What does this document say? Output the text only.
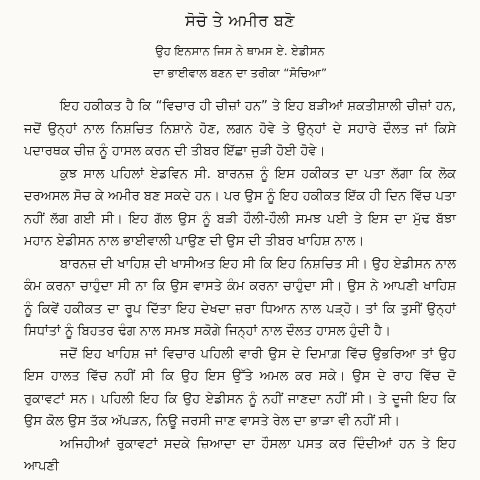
ਸੋਚੋ ਤੇ ਅਮੀਰ ਬਣੋ

ਉਹ ਇਨਸਾਨ ਜਿਸ ਨੇ ਥਾਮਸ ਏ. ਏਡੀਸਨ

ਦਾ ਭਾਈਵਾਲ ਬਣਨ ਦਾ ਤਰੀਕਾ “ਸੋਚਿਆ”

ਇਹ ਹਕੀਕਤ ਹੈ ਕਿ “ਵਿਚਾਰ ਹੀ ਚੀਜ਼ਾਂ ਹਨ” ਤੇ ਇਹ ਬੜੀਆਂ ਸ਼ਕਤੀਸ਼ਾਲੀ ਚੀਜ਼ਾਂ ਹਨ, ਜਦੋਂ ਉਨ੍ਹਾਂ ਨਾਲ ਨਿਸ਼ਚਿਤ ਨਿਸ਼ਾਨੇ ਹੋਣ, ਲਗਨ ਹੋਵੇ ਤੇ ਉਨ੍ਹਾਂ ਦੇ ਸਹਾਰੇ ਦੌਲਤ ਜਾਂ ਕਿਸੇ ਪਦਾਰਥਕ ਚੀਜ਼ ਨੂੰ ਹਾਸਲ ਕਰਨ ਦੀ ਤੀਬਰ ਇੱਛਾ ਜੁੜੀ ਹੋਈ ਹੋਵੇ।

ਕੁਝ ਸਾਲ ਪਹਿਲਾਂ ਏਡਵਿਨ ਸੀ. ਬਾਰਨਜ਼ ਨੂੰ ਇਸ ਹਕੀਕਤ ਦਾ ਪਤਾ ਲੱਗਾ ਕਿ ਲੋਕ ਦਰਅਸਲ ਸੋਚ ਕੇ ਅਮੀਰ ਬਣ ਸਕਦੇ ਹਨ। ਪਰ ਉਸ ਨੂੰ ਇਹ ਹਕੀਕਤ ਇੱਕ ਹੀ ਦਿਨ ਵਿੱਚ ਪਤਾ ਨਹੀਂ ਲੱਗ ਗਈ ਸੀ। ਇਹ ਗੱਲ ਉਸ ਨੂੰ ਬੜੀ ਹੌਲੀ-ਹੌਲੀ ਸਮਝ ਪਈ ਤੇ ਇਸ ਦਾ ਮੁੱਢ ਬੱਝਾ ਮਹਾਨ ਏਡੀਸਨ ਨਾਲ ਭਾਈਵਾਲੀ ਪਾਉਣ ਦੀ ਉਸ ਦੀ ਤੀਬਰ ਖਾਹਿਸ਼ ਨਾਲ।

ਬਾਰਨਜ਼ ਦੀ ਖਾਹਿਸ਼ ਦੀ ਖਾਸੀਅਤ ਇਹ ਸੀ ਕਿ ਇਹ ਨਿਸ਼ਚਿਤ ਸੀ। ਉਹ ਏਡੀਸਨ ਨਾਲ ਕੰਮ ਕਰਨਾ ਚਾਹੁੰਦਾ ਸੀ ਨਾ ਕਿ ਉਸ ਵਾਸਤੇ ਕੰਮ ਕਰਨਾ ਚਾਹੁੰਦਾ ਸੀ। ਉਸ ਨੇ ਆਪਣੀ ਖਾਹਿਸ਼ ਨੂੰ ਕਿਵੇਂ ਹਕੀਕਤ ਦਾ ਰੂਪ ਦਿੱਤਾ ਇਹ ਦੇਖਦਾ ਜ਼ਰਾ ਧਿਆਨ ਨਾਲ ਪੜ੍ਹੋ। ਤਾਂ ਕਿ ਤੁਸੀਂ ਉਨ੍ਹਾਂ ਸਿਧਾਂਤਾਂ ਨੂੰ ਬਿਹਤਰ ਢੰਗ ਨਾਲ ਸਮਝ ਸਕੋਗੇ ਜਿਨ੍ਹਾਂ ਨਾਲ ਦੌਲਤ ਹਾਸਲ ਹੁੰਦੀ ਹੈ।

ਜਦੋਂ ਇਹ ਖਾਹਿਸ਼ ਜਾਂ ਵਿਚਾਰ ਪਹਿਲੀ ਵਾਰੀ ਉਸ ਦੇ ਦਿਮਾਗ਼ ਵਿੱਚ ਉਭਰਿਆ ਤਾਂ ਉਹ ਇਸ ਹਾਲਤ ਵਿੱਚ ਨਹੀਂ ਸੀ ਕਿ ਉਹ ਇਸ ਉੱਤੇ ਅਮਲ ਕਰ ਸਕੇ। ਉਸ ਦੇ ਰਾਹ ਵਿੱਚ ਦੋ ਰੁਕਾਵਟਾਂ ਸਨ। ਪਹਿਲੀ ਇਹ ਕਿ ਉਹ ਏਡੀਸਨ ਨੂੰ ਨਹੀਂ ਜਾਣਦਾ ਨਹੀਂ ਸੀ। ਤੇ ਦੂਜੀ ਇਹ ਕਿ ਉਸ ਕੋਲ ਉਸ ਤੱਕ ਅੱਪੜਨ, ਨਿਊ ਜਰਸੀ ਜਾਣ ਵਾਸਤੇ ਰੇਲ ਦਾ ਭਾੜਾ ਵੀ ਨਹੀਂ ਸੀ।

ਅਜਿਹੀਆਂ ਰੁਕਾਵਟਾਂ ਸਦਕੇ ਜ਼ਿਆਦਾ ਦਾ ਹੌਸਲਾ ਪਸਤ ਕਰ ਦਿੰਦੀਆਂ ਹਨ ਤੇ ਇਹ ਆਪਣੀ
